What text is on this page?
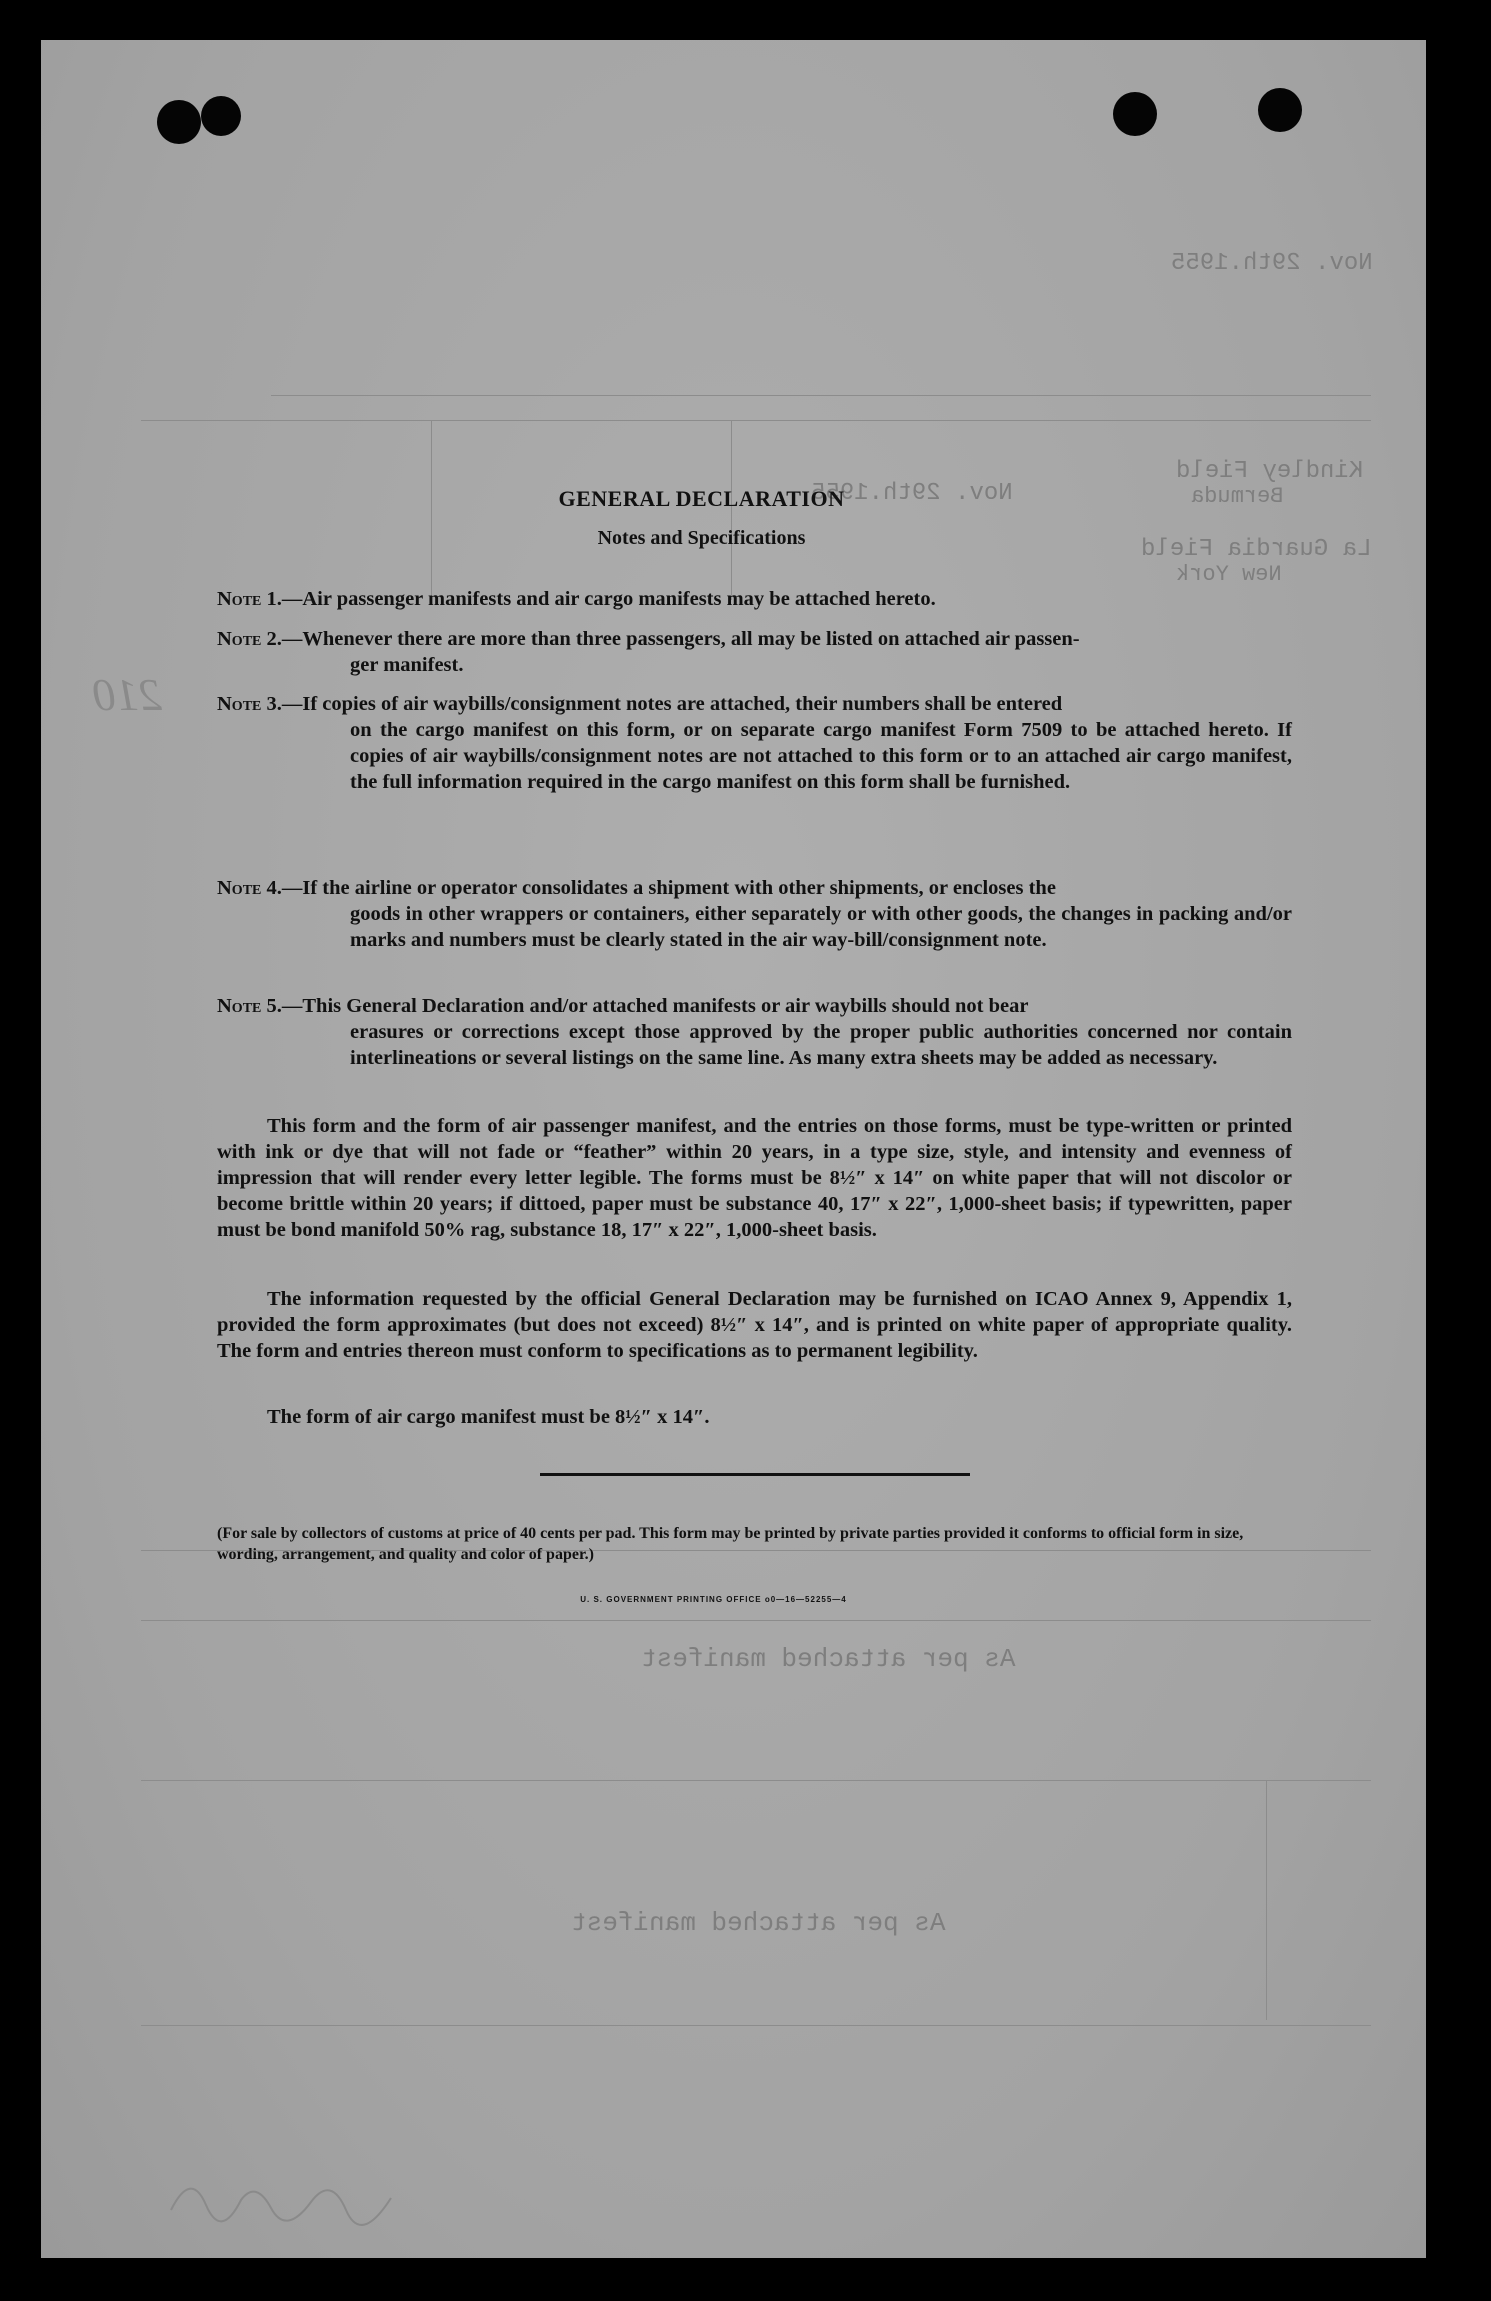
210
Nov. 29th.1955
Kindley Field
Bermuda
Nov. 29th.1955
La Guardia Field
New York
As per attached manifest
As per attached manifest
GENERAL DECLARATION
Notes and Specifications
Note 1.—Air passenger manifests and air cargo manifests may be attached hereto.
Note 2.—Whenever there are more than three passengers, all may be listed on attached air passen-
ger manifest.
Note 3.—If copies of air waybills/consignment notes are attached, their numbers shall be entered
on the cargo manifest on this form, or on separate cargo manifest Form 7509 to be attached hereto. If copies of air waybills/consignment notes are not attached to this form or to an attached air cargo manifest, the full information required in the cargo manifest on this form shall be furnished.
Note 4.—If the airline or operator consolidates a shipment with other shipments, or encloses the
goods in other wrappers or containers, either separately or with other goods, the changes in packing and/or marks and numbers must be clearly stated in the air way-bill/consignment note.
Note 5.—This General Declaration and/or attached manifests or air waybills should not bear
erasures or corrections except those approved by the proper public authorities concerned nor contain interlineations or several listings on the same line. As many extra sheets may be added as necessary.
This form and the form of air passenger manifest, and the entries on those forms, must be type-written or printed with ink or dye that will not fade or “feather” within 20 years, in a type size, style, and intensity and evenness of impression that will render every letter legible. The forms must be 8½″ x 14″ on white paper that will not discolor or become brittle within 20 years; if dittoed, paper must be substance 40, 17″ x 22″, 1,000-sheet basis; if typewritten, paper must be bond manifold 50% rag, substance 18, 17″ x 22″, 1,000-sheet basis.
The information requested by the official General Declaration may be furnished on ICAO Annex 9, Appendix 1, provided the form approximates (but does not exceed) 8½″ x 14″, and is printed on white paper of appropriate quality. The form and entries thereon must conform to specifications as to permanent legibility.
The form of air cargo manifest must be 8½″ x 14″.
(For sale by collectors of customs at price of 40 cents per pad. This form may be printed by private parties provided it conforms to official form in size, wording, arrangement, and quality and color of paper.)
U. S. GOVERNMENT PRINTING OFFICE o0—16—52255—4
